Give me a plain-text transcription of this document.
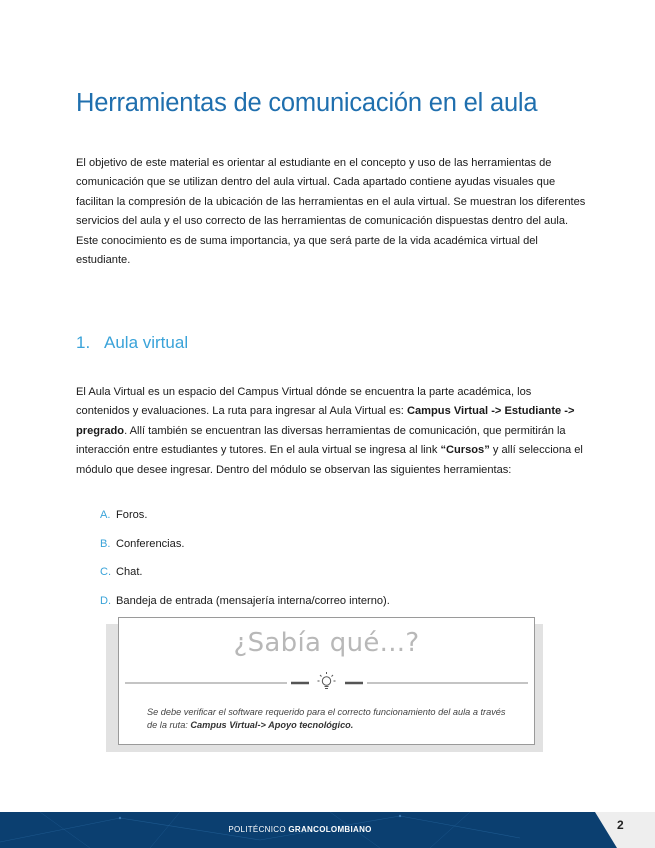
Herramientas de comunicación en el aula

El objetivo de este material es orientar al estudiante en el concepto y uso de las herramientas de comunicación que se utilizan dentro del aula virtual. Cada apartado contiene ayudas visuales que facilitan la compresión de la ubicación de las herramientas en el aula virtual. Se muestran los diferentes servicios del aula y el uso correcto de las herramientas de comunicación dispuestas dentro del aula. Este conocimiento es de suma importancia, ya que será parte de la vida académica virtual del estudiante.

1. Aula virtual

El Aula Virtual es un espacio del Campus Virtual dónde se encuentra la parte académica, los contenidos y evaluaciones. La ruta para ingresar al Aula Virtual es: Campus Virtual -> Estudiante -> pregrado. Allí también se encuentran las diversas herramientas de comunicación, que permitirán la interacción entre estudiantes y tutores. En el aula virtual se ingresa al link “Cursos” y allí selecciona el módulo que desee ingresar. Dentro del módulo se observan las siguientes herramientas:

A. Foros.
B. Conferencias.
C. Chat.
D. Bandeja de entrada (mensajería interna/correo interno).
¿Sabía qué...?

Se debe verificar el software requerido para el correcto funcionamiento del aula a través de la ruta: Campus Virtual-> Apoyo tecnológico.

POLITÉCNICO GRANCOLOMBIANO	2
